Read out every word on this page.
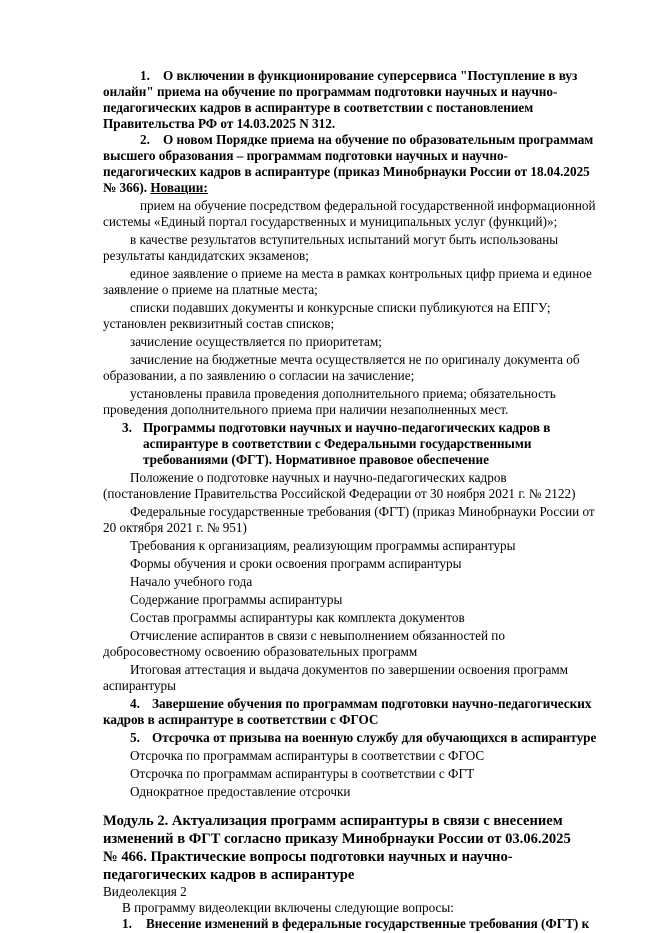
1. О включении в функционирование суперсервиса "Поступление в вуз
онлайн" приема на обучение по программам подготовки научных и научно-
педагогических кадров в аспирантуре в соответствии с постановлением
Правительства РФ от 14.03.2025 N 312.
2. О новом Порядке приема на обучение по образовательным программам
высшего образования – программам подготовки научных и научно-
педагогических кадров в аспирантуре (приказ Минобрнауки России от 18.04.2025
№ 366). Новации:
прием на обучение посредством федеральной государственной информационной
системы «Единый портал государственных и муниципальных услуг (функций)»;
в качестве результатов вступительных испытаний могут быть использованы
результаты кандидатских экзаменов;
единое заявление о приеме на места в рамках контрольных цифр приема и единое
заявление о приеме на платные места;
списки подавших документы и конкурсные списки публикуются на ЕПГУ;
установлен реквизитный состав списков;
зачисление осуществляется по приоритетам;
зачисление на бюджетные мечта осуществляется не по оригиналу документа об
образовании, а по заявлению о согласии на зачисление;
установлены правила проведения дополнительного приема; обязательность
проведения дополнительного приема при наличии незаполненных мест.
3. Программы подготовки научных и научно-педагогических кадров в
аспирантуре в соответствии с Федеральными государственными
требованиями (ФГТ). Нормативное правовое обеспечение
Положение о подготовке научных и научно-педагогических кадров
(постановление Правительства Российской Федерации от 30 ноября 2021 г. № 2122)
Федеральные государственные требования (ФГТ) (приказ Минобрнауки России от
20 октября 2021 г. № 951)
Требования к организациям, реализующим программы аспирантуры
Формы обучения и сроки освоения программ аспирантуры
Начало учебного года
Содержание программы аспирантуры
Состав программы аспирантуры как комплекта документов
Отчисление аспирантов в связи с невыполнением обязанностей по
добросовестному освоению образовательных программ
Итоговая аттестация и выдача документов по завершении освоения программ
аспирантуры
4. Завершение обучения по программам подготовки научно-педагогических
кадров в аспирантуре в соответствии с ФГОС
5. Отсрочка от призыва на военную службу для обучающихся в аспирантуре
Отсрочка по программам аспирантуры в соответствии с ФГОС
Отсрочка по программам аспирантуры в соответствии с ФГТ
Однократное предоставление отсрочки
Модуль 2. Актуализация программ аспирантуры в связи с внесением
изменений в ФГТ согласно приказу Минобрнауки России от 03.06.2025
№ 466. Практические вопросы подготовки научных и научно-
педагогических кадров в аспирантуре
Видеолекция 2
В программу видеолекции включены следующие вопросы:
1. Внесение изменений в федеральные государственные требования (ФГТ) к
